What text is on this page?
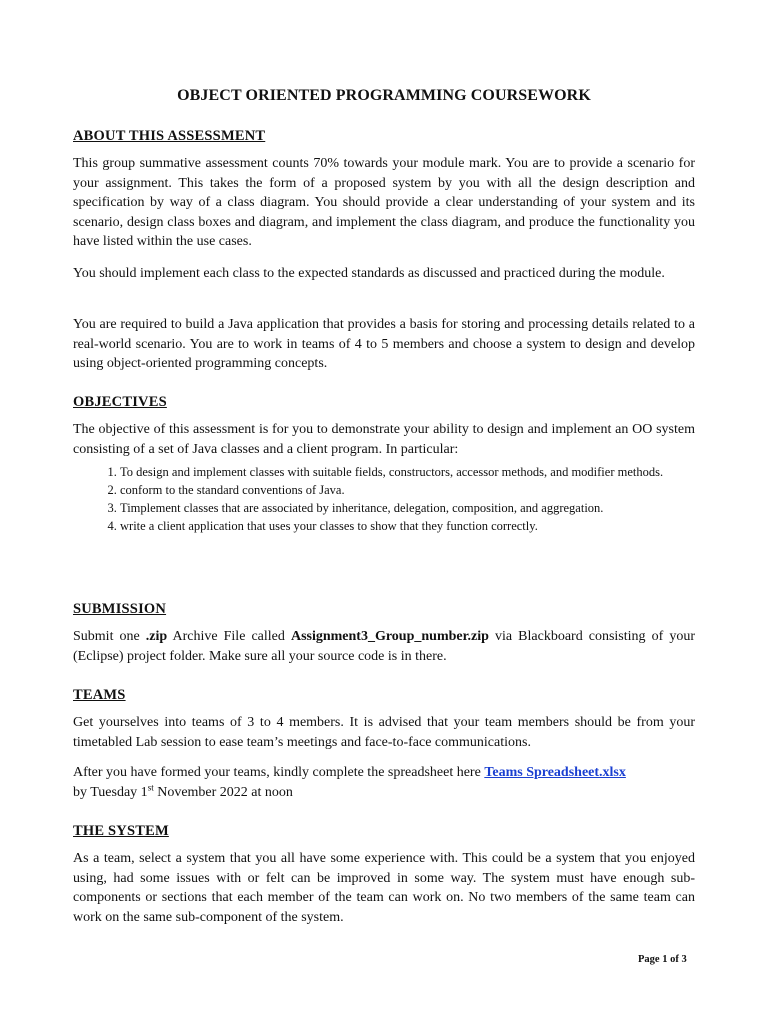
OBJECT ORIENTED PROGRAMMING COURSEWORK
ABOUT THIS ASSESSMENT

This group summative assessment counts 70% towards your module mark. You are to provide a scenario for your assignment. This takes the form of a proposed system by you with all the design description and specification by way of a class diagram. You should provide a clear understanding of your system and its scenario, design class boxes and diagram, and implement the class diagram, and produce the functionality you have listed within the use cases.

You should implement each class to the expected standards as discussed and practiced during the module.

You are required to build a Java application that provides a basis for storing and processing details related to a real-world scenario. You are to work in teams of 4 to 5 members and choose a system to design and develop using object-oriented programming concepts.

OBJECTIVES

The objective of this assessment is for you to demonstrate your ability to design and implement an OO system consisting of a set of Java classes and a client program. In particular:

1. To design and implement classes with suitable fields, constructors, accessor methods, and modifier methods.
2. conform to the standard conventions of Java.
3. Timplement classes that are associated by inheritance, delegation, composition, and aggregation.
4. write a client application that uses your classes to show that they function correctly.
SUBMISSION

Submit one .zip Archive File called Assignment3_Group_number.zip via Blackboard consisting of your (Eclipse) project folder. Make sure all your source code is in there.

TEAMS

Get yourselves into teams of 3 to 4 members. It is advised that your team members should be from your timetabled Lab session to ease team’s meetings and face-to-face communications.

After you have formed your teams, kindly complete the spreadsheet here Teams Spreadsheet.xlsx
by Tuesday 1st November 2022 at noon

THE SYSTEM

As a team, select a system that you all have some experience with. This could be a system that you enjoyed using, had some issues with or felt can be improved in some way. The system must have enough sub-components or sections that each member of the team can work on. No two members of the same team can work on the same sub-component of the system.

Page 1 of 3
